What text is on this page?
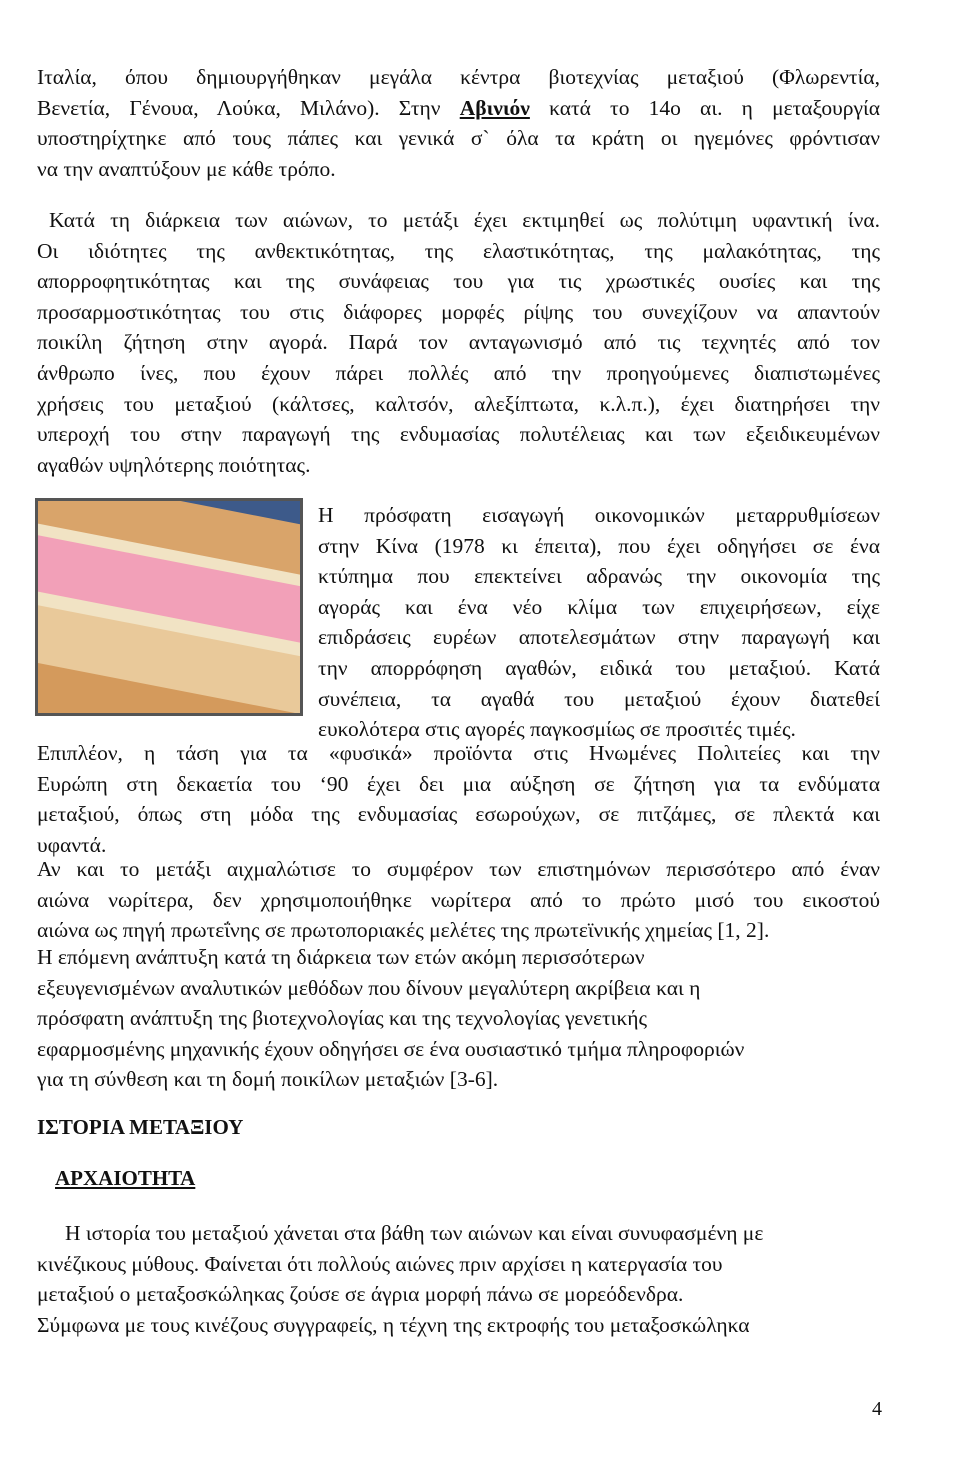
Ιταλία, όπου δημιουργήθηκαν μεγάλα κέντρα βιοτεχνίας μεταξιού (Φλωρεντία,
Βενετία, Γένουα, Λούκα, Μιλάνο). Στην Αβινιόν κατά το 14ο αι. η μεταξουργία
υποστηρίχτηκε από τους πάπες και γενικά σ` όλα τα κράτη οι ηγεμόνες φρόντισαν
να την αναπτύξουν με κάθε τρόπο.
Κατά τη διάρκεια των αιώνων, το μετάξι έχει εκτιμηθεί ως πολύτιμη υφαντική ίνα.
Οι ιδιότητες της ανθεκτικότητας, της ελαστικότητας, της μαλακότητας, της
απορροφητικότητας και της συνάφειας του για τις χρωστικές ουσίες και της
προσαρμοστικότητας του στις διάφορες μορφές ρίψης του συνεχίζουν να απαντούν
ποικίλη ζήτηση στην αγορά. Παρά τον ανταγωνισμό από τις τεχνητές από τον
άνθρωπο ίνες, που έχουν πάρει πολλές από την προηγούμενες διαπιστωμένες
χρήσεις του μεταξιού (κάλτσες, καλτσόν, αλεξίπτωτα, κ.λ.π.), έχει διατηρήσει την
υπεροχή του στην παραγωγή της ενδυμασίας πολυτέλειας και των εξειδικευμένων
αγαθών υψηλότερης ποιότητας.
Η πρόσφατη εισαγωγή οικονομικών μεταρρυθμίσεων
στην Κίνα (1978 κι έπειτα), που έχει οδηγήσει σε ένα
κτύπημα που επεκτείνει αδρανώς την οικονομία της
αγοράς και ένα νέο κλίμα των επιχειρήσεων, είχε
επιδράσεις ευρέων αποτελεσμάτων στην παραγωγή και
την απορρόφηση αγαθών, ειδικά του μεταξιού. Κατά
συνέπεια, τα αγαθά του μεταξιού έχουν διατεθεί
ευκολότερα στις αγορές παγκοσμίως σε προσιτές τιμές.
Επιπλέον, η τάση για τα «φυσικά» προϊόντα στις Ηνωμένες Πολιτείες και την
Ευρώπη στη δεκαετία του ‘90 έχει δει μια αύξηση σε ζήτηση για τα ενδύματα
μεταξιού, όπως στη μόδα της ενδυμασίας εσωρούχων, σε πιτζάμες, σε πλεκτά και
υφαντά.
Αν και το μετάξι αιχμαλώτισε το συμφέρον των επιστημόνων περισσότερο από έναν
αιώνα νωρίτερα, δεν χρησιμοποιήθηκε νωρίτερα από το πρώτο μισό του εικοστού
αιώνα ως πηγή πρωτεΐνης σε πρωτοποριακές μελέτες της πρωτεϊνικής χημείας [1, 2].
Η επόμενη ανάπτυξη κατά τη διάρκεια των ετών ακόμη περισσότερων
εξευγενισμένων αναλυτικών μεθόδων που δίνουν μεγαλύτερη ακρίβεια και η
πρόσφατη ανάπτυξη της βιοτεχνολογίας και της τεχνολογίας γενετικής
εφαρμοσμένης μηχανικής έχουν οδηγήσει σε ένα ουσιαστικό τμήμα πληροφοριών
για τη σύνθεση και τη δομή ποικίλων μεταξιών [3-6].

ΙΣΤΟΡΙΑ ΜΕΤΑΞΙΟΥ

ΑΡΧΑΙΟΤΗΤΑ

Η ιστορία του μεταξιού χάνεται στα βάθη των αιώνων και είναι συνυφασμένη με
κινέζικους μύθους. Φαίνεται ότι πολλούς αιώνες πριν αρχίσει η κατεργασία του
μεταξιού ο μεταξοσκώληκας ζούσε σε άγρια μορφή πάνω σε μορεόδενδρα.
Σύμφωνα με τους κινέζους συγγραφείς, η τέχνη της εκτροφής του μεταξοσκώληκα

4
